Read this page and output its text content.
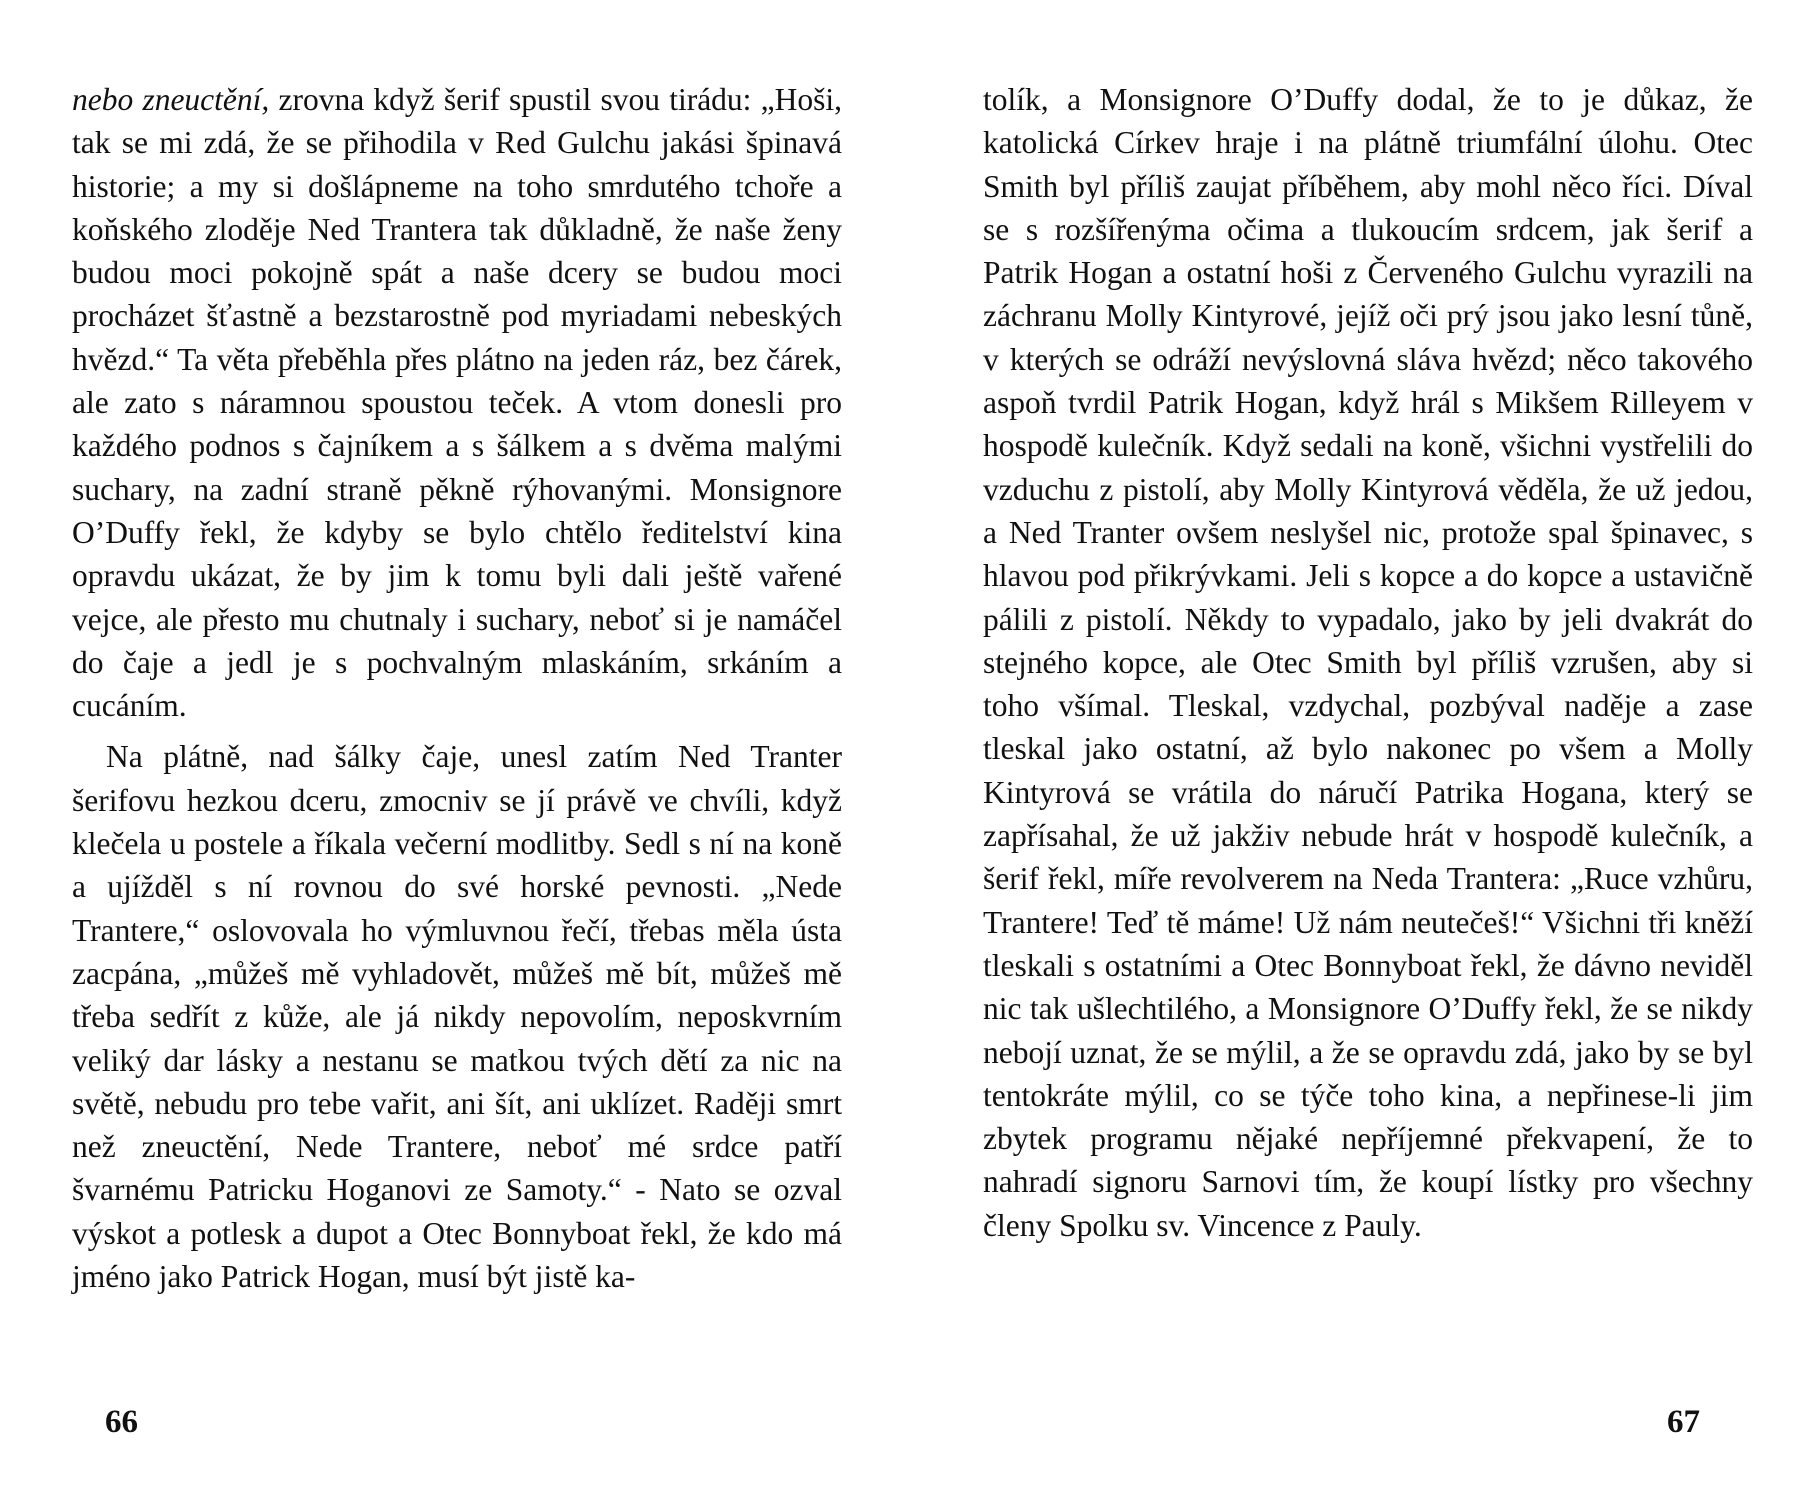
nebo zneuctění, zrovna když šerif spustil svou tirádu: „Hoši, tak se mi zdá, že se přihodila v Red Gulchu jakási špinavá historie; a my si došlápneme na toho smrdutého tchoře a koňského zloděje Ned Trantera tak důkladně, že naše ženy budou moci pokojně spát a naše dcery se budou moci procházet šťastně a bezstarostně pod myriadami nebeských hvězd.“ Ta věta přeběhla přes plátno na jeden ráz, bez čárek, ale zato s náramnou spoustou teček. A vtom donesli pro každého podnos s čajníkem a s šálkem a s dvěma malými suchary, na zadní straně pěkně rýhovanými. Monsignore O’Duffy řekl, že kdyby se bylo chtělo ředitelství kina opravdu ukázat, že by jim k tomu byli dali ještě vařené vejce, ale přesto mu chutnaly i suchary, neboť si je namáčel do čaje a jedl je s pochvalným mlaskáním, srkáním a cucáním.

Na plátně, nad šálky čaje, unesl zatím Ned Tranter šerifovu hezkou dceru, zmocniv se jí právě ve chvíli, když klečela u postele a říkala večerní modlitby. Sedl s ní na koně a ujížděl s ní rovnou do své horské pevnosti. „Nede Trantere,“ oslovovala ho výmluvnou řečí, třebas měla ústa zacpána, „můžeš mě vyhladovět, můžeš mě bít, můžeš mě třeba sedřít z kůže, ale já nikdy nepovolím, neposkvrním veliký dar lásky a nestanu se matkou tvých dětí za nic na světě, nebudu pro tebe vařit, ani šít, ani uklízet. Raději smrt než zneuctění, Nede Trantere, neboť mé srdce patří švarnému Patricku Hoganovi ze Samoty.“ - Nato se ozval výskot a potlesk a dupot a Otec Bonnyboat řekl, že kdo má jméno jako Patrick Hogan, musí být jistě ka-

tolík, a Monsignore O’Duffy dodal, že to je důkaz, že katolická Církev hraje i na plátně triumfální úlohu. Otec Smith byl příliš zaujat příběhem, aby mohl něco říci. Díval se s rozšířenýma očima a tlukoucím srdcem, jak šerif a Patrik Hogan a ostatní hoši z Červeného Gulchu vyrazili na záchranu Molly Kintyrové, jejíž oči prý jsou jako lesní tůně, v kterých se odráží nevýslovná sláva hvězd; něco takového aspoň tvrdil Patrik Hogan, když hrál s Mikšem Rilleyem v hospodě kulečník. Když sedali na koně, všichni vystřelili do vzduchu z pistolí, aby Molly Kintyrová věděla, že už jedou, a Ned Tranter ovšem neslyšel nic, protože spal špinavec, s hlavou pod přikrývkami. Jeli s kopce a do kopce a ustavičně pálili z pistolí. Někdy to vypadalo, jako by jeli dvakrát do stejného kopce, ale Otec Smith byl příliš vzrušen, aby si toho všímal. Tleskal, vzdychal, pozbýval naděje a zase tleskal jako ostatní, až bylo nakonec po všem a Molly Kintyrová se vrátila do náručí Patrika Hogana, který se zapřísahal, že už jakživ nebude hrát v hospodě kulečník, a šerif řekl, míře revolverem na Neda Trantera: „Ruce vzhůru, Trantere! Teď tě máme! Už nám neutečeš!“ Všichni tři kněží tleskali s ostatními a Otec Bonnyboat řekl, že dávno neviděl nic tak ušlechtilého, a Monsignore O’Duffy řekl, že se nikdy nebojí uznat, že se mýlil, a že se opravdu zdá, jako by se byl tentokráte mýlil, co se týče toho kina, a nepřinese-li jim zbytek programu nějaké nepříjemné překvapení, že to nahradí signoru Sarnovi tím, že koupí lístky pro všechny členy Spolku sv. Vincence z Pauly.

66	67
